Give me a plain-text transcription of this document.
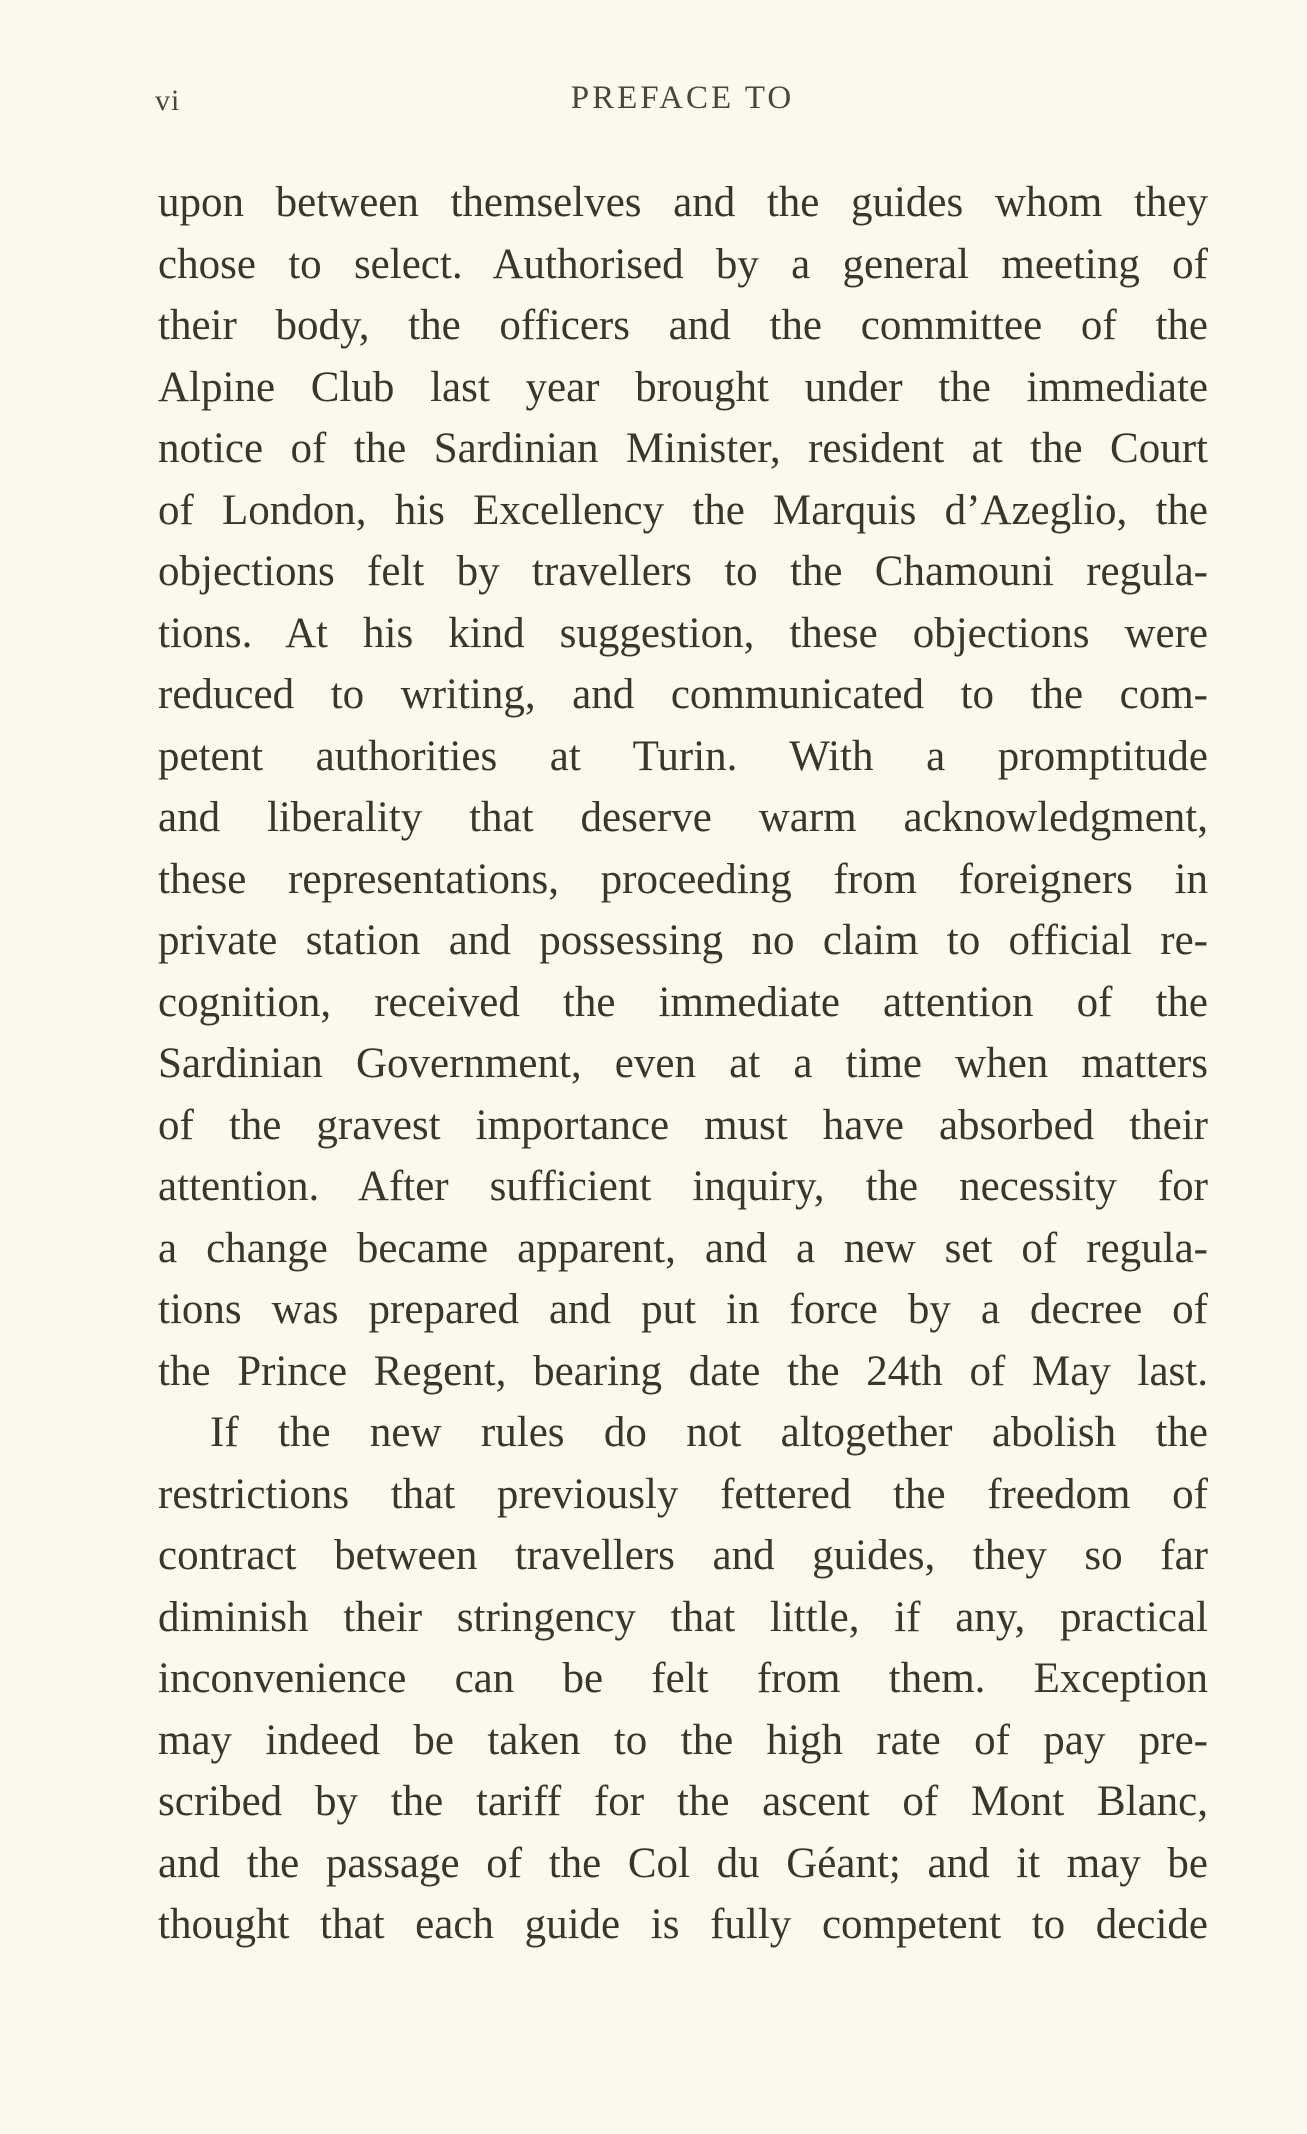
vi	PREFACE TO
upon between themselves and the guides whom they
chose to select. Authorised by a general meeting of
their body, the officers and the committee of the
Alpine Club last year brought under the immediate
notice of the Sardinian Minister, resident at the Court
of London, his Excellency the Marquis d’Azeglio, the
objections felt by travellers to the Chamouni regula-
tions. At his kind suggestion, these objections were
reduced to writing, and communicated to the com-
petent authorities at Turin. With a promptitude
and liberality that deserve warm acknowledgment,
these representations, proceeding from foreigners in
private station and possessing no claim to official re-
cognition, received the immediate attention of the
Sardinian Government, even at a time when matters
of the gravest importance must have absorbed their
attention. After sufficient inquiry, the necessity for
a change became apparent, and a new set of regula-
tions was prepared and put in force by a decree of
the Prince Regent, bearing date the 24th of May last.
If the new rules do not altogether abolish the
restrictions that previously fettered the freedom of
contract between travellers and guides, they so far
diminish their stringency that little, if any, practical
inconvenience can be felt from them. Exception
may indeed be taken to the high rate of pay pre-
scribed by the tariff for the ascent of Mont Blanc,
and the passage of the Col du Géant; and it may be
thought that each guide is fully competent to decide
